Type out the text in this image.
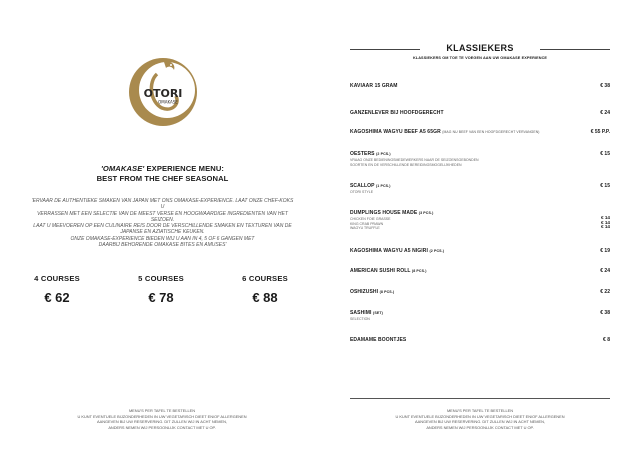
OTORI
OMAKASE
'OMAKASE' EXPERIENCE MENU:
BEST FROM THE CHEF SEASONAL
'ERVAAR DE AUTHENTIEKE SMAKEN VAN JAPAN MET ONS OMAKASE-EXPERIENCE. LAAT ONZE CHEF-KOKS U
VERRASSEN MET EEN SELECTIE VAN DE MEEST VERSE EN HOOGWAARDIGE INGREDIENTEN VAN HET SEIZOEN.
LAAT U MEEVOEREN OP EEN CULINAIRE REIS DOOR DE VERSCHILLENDE SMAKEN EN TEXTUREN VAN DE
JAPANSE EN AZIATISCHE KEUKEN.
ONZE OMAKASE-EXPERIENCE BIEDEN WIJ U AAN IN 4, 5 OF 6 GANGEN MET
DAARBIJ BEHORENDE OMAKASE BITES EN AMUSES'
4 COURSES
€ 62
5 COURSES
€ 78
6 COURSES
€ 88
MENU'S PER TAFEL TE BESTELLEN
U KUNT EVENTUELE BIJZONDERHEDEN IN UW VEGETARISCH DIEET EN/OF ALLERGENEN
AANGEVEN BIJ UW RESERVERING. DIT ZULLEN WIJ IN ACHT NEMEN,
ANDERS NEMEN WIJ PERSOONLIJK CONTACT MET U OP.
KLASSIEKERS
KLASSIEKERS OM TOE TE VOEGEN AAN UW OMAKASE EXPERIENCE
KAVIAAR 15 GRAM	€ 38
GANZENLEVER BIJ HOOFDGERECHT	€ 24
KAGOSHIMA WAGYU BEEF A5 65GR (MAG NU BEEF VAN EEN HOOFDGERECHT VERVANGEN)	€ 55 P.P.
OESTERS (2 PCS.)
VRAAG ONZE BEDIENINGSMEDEWERKERS NAAR DE SEIZOENSGEBONDEN
SOORTEN EN DE VERSCHILLENDE BEREIDINGSMOGELIJKHEDEN
€ 15
SCALLOP (1 PCS.)
OTORI STYLE
€ 15
DUMPLINGS HOUSE MADE (3 PCS.)
CHICKEN FOIE GRASSE
KING CRAB PRAWN
WAGYU TRUFFLE
€ 14
€ 14
€ 14
KAGOSHIMA WAGYU A5 NIGIRI (2 PCS.)	€ 19
AMERICAN SUSHI ROLL (8 PCS.)	€ 24
OSHIZUSHI (8 PCS.)	€ 22
SASHIMI (SET)
SELECTION
€ 38
EDAMAME BOONTJES	€ 8
MENU'S PER TAFEL TE BESTELLEN
U KUNT EVENTUELE BIJZONDERHEDEN IN UW VEGETARISCH DIEET EN/OF ALLERGENEN
AANGEVEN BIJ UW RESERVERING. DIT ZULLEN WIJ IN ACHT NEMEN,
ANDERS NEMEN WIJ PERSOONLIJK CONTACT MET U OP.
